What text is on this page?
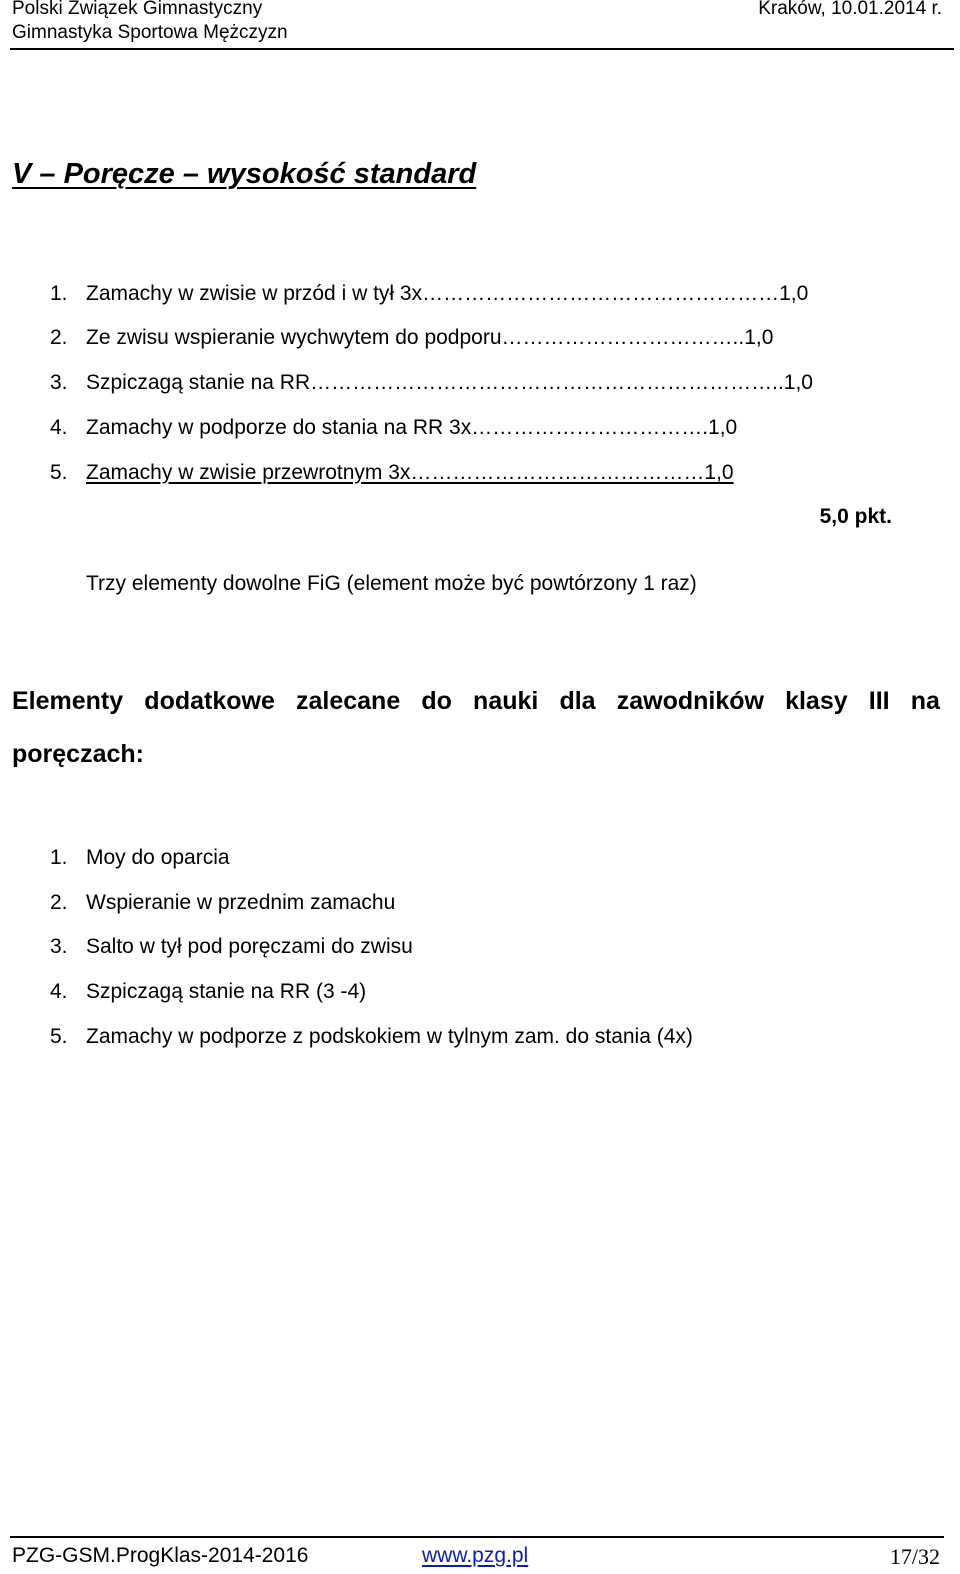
Polski Związek Gimnastyczny
Gimnastyka Sportowa Mężczyzn
Kraków, 10.01.2014 r.
V – Poręcze – wysokość standard
1. Zamachy w zwisie w przód i w tył 3x……………………………………………1,0
2. Ze zwisu wspieranie wychwytem do podporu……………………………..1,0
3. Szpiczagą stanie na RR…………………………………………………………..1,0
4. Zamachy w podporze do stania na RR 3x…………………………….1,0
5. Zamachy w zwisie przewrotnym 3x……………………………………1,0
5,0 pkt.
Trzy elementy dowolne FiG (element może być powtórzony 1 raz)
Elementy dodatkowe zalecane do nauki dla zawodników klasy III na
poręczach:
1. Moy do oparcia
2. Wspieranie w przednim zamachu
3. Salto w tył pod poręczami do zwisu
4. Szpiczagą stanie na RR (3 -4)
5. Zamachy w podporze z podskokiem w tylnym zam. do stania (4x)
PZG-GSM.ProgKlas-2014-2016	www.pzg.pl	17/32
